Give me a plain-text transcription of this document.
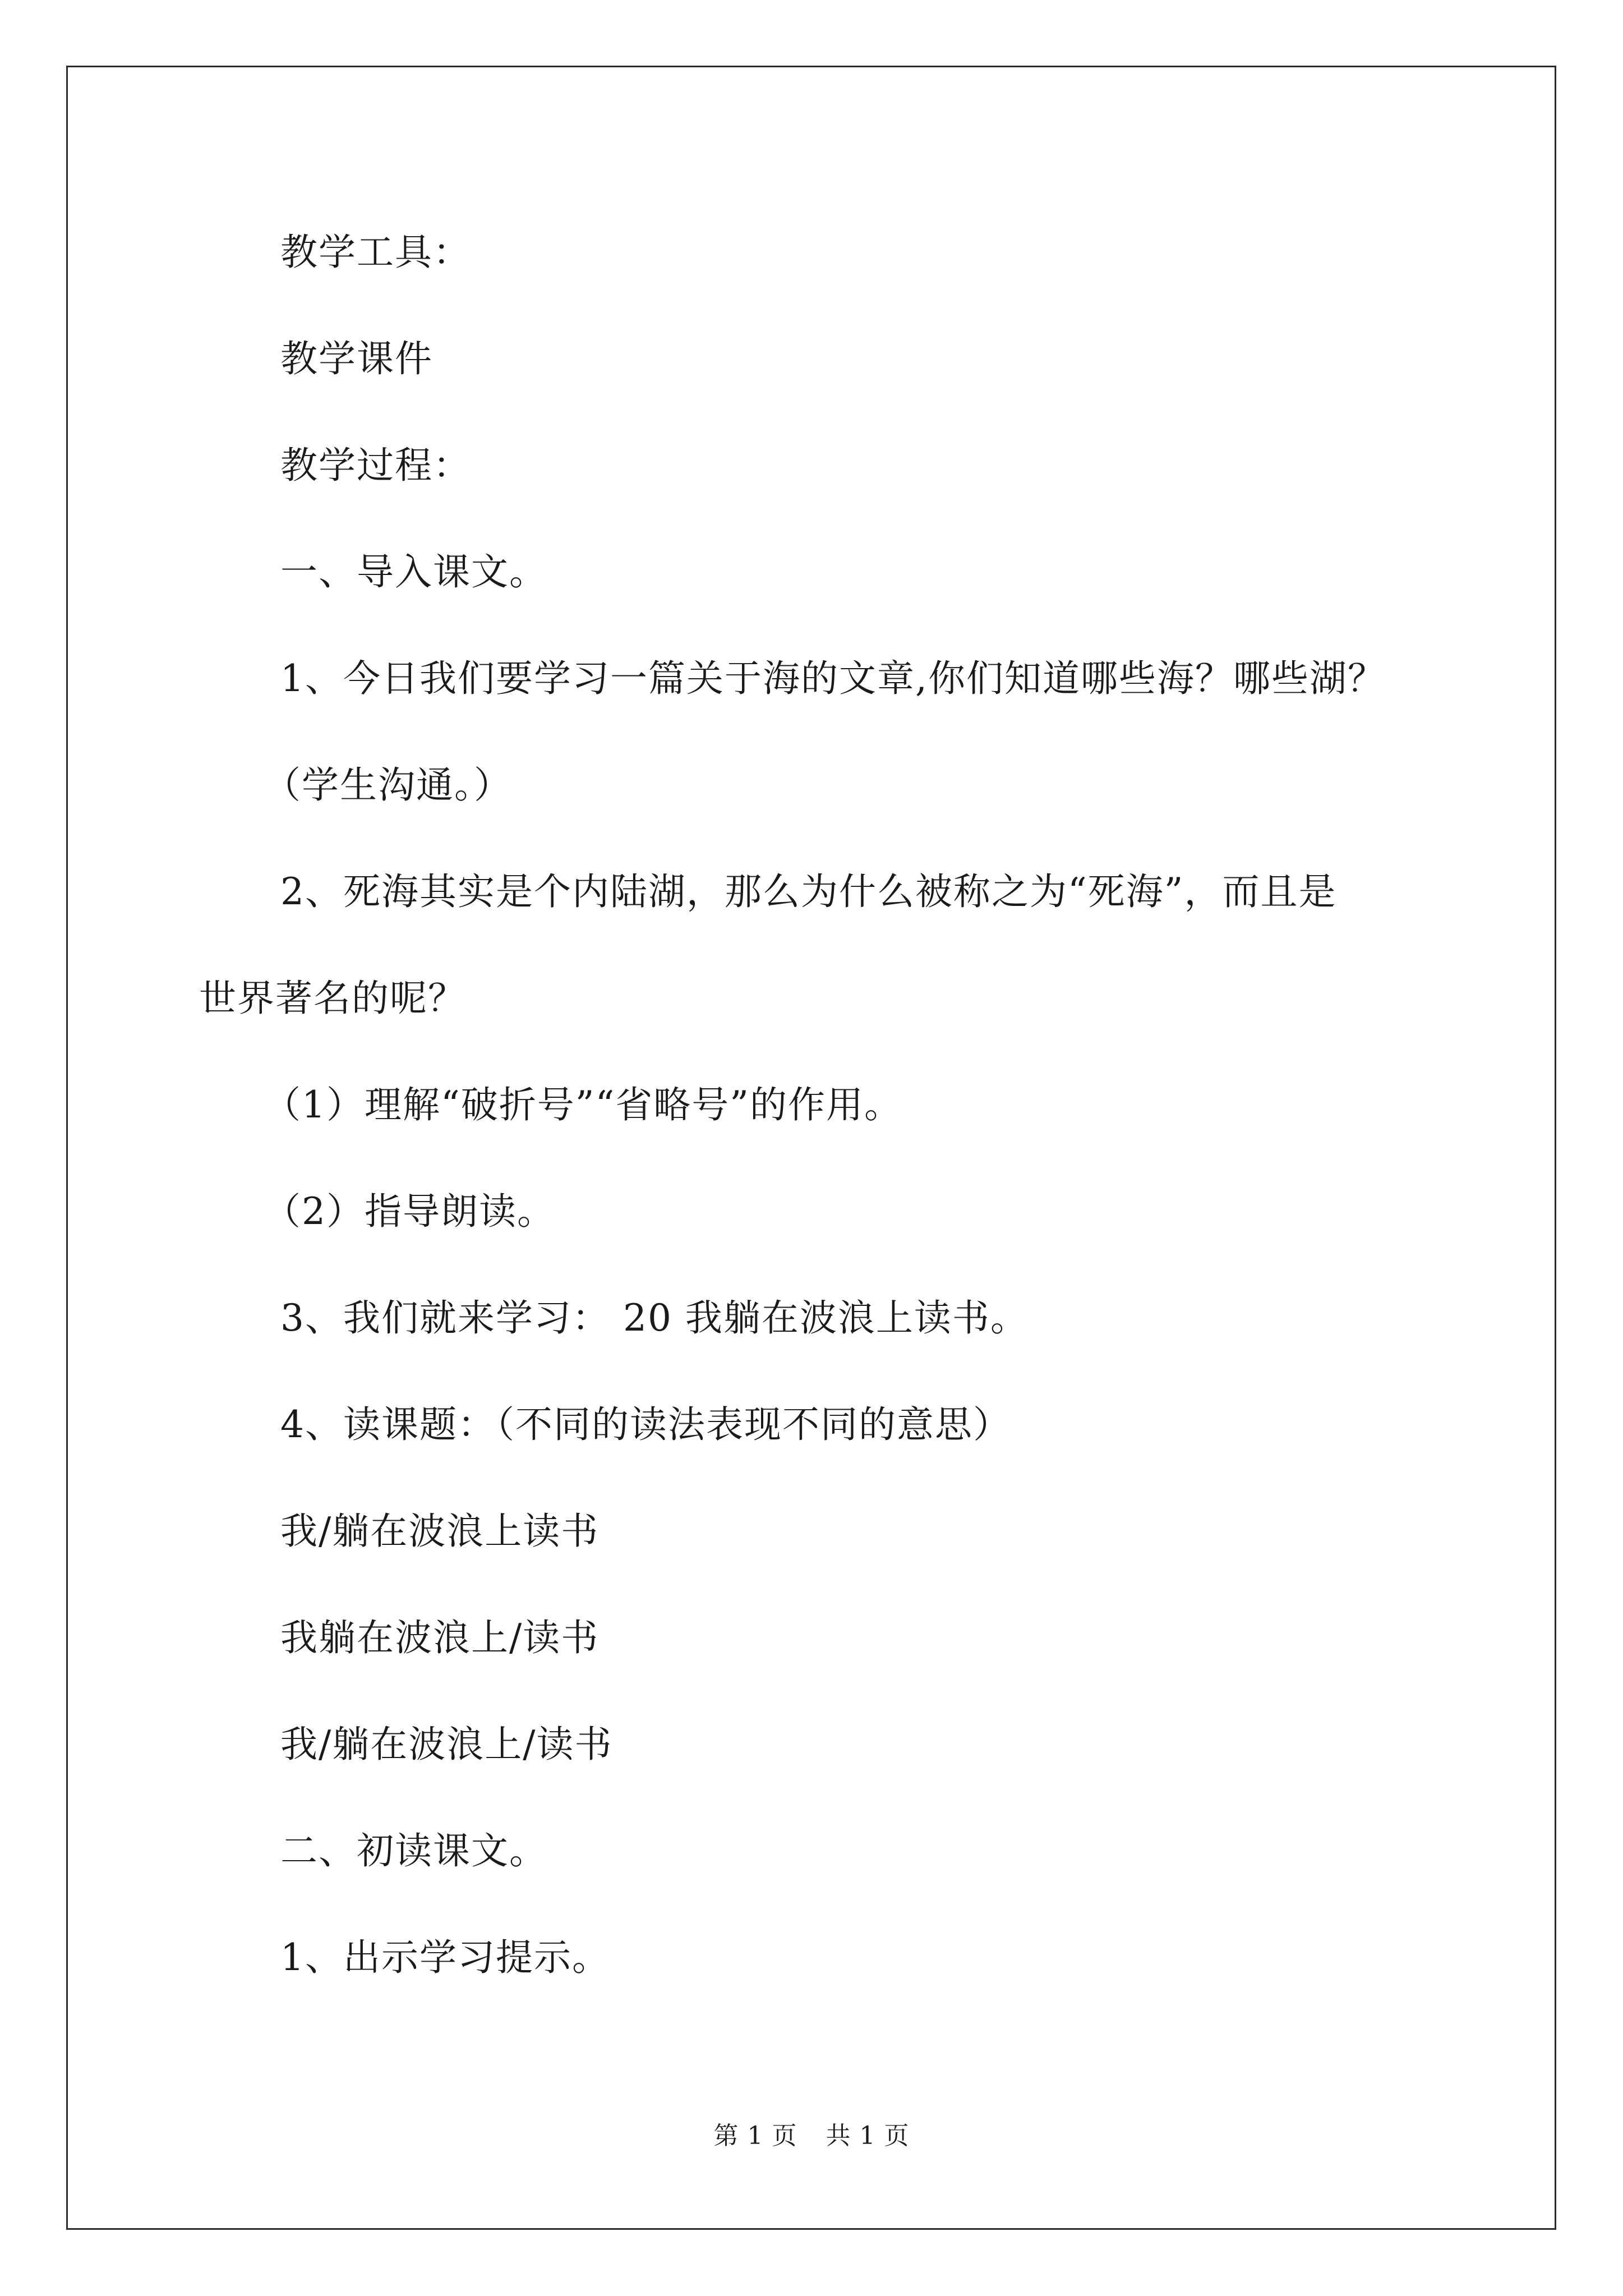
教学工具：
教学课件
教学过程：
一、导入课文。
1、今日我们要学习一篇关于海的文章,你们知道哪些海？哪些湖？
（学生沟通。）
2、死海其实是个内陆湖，那么为什么被称之为“死海”，而且是
世界著名的呢？
（1）理解“破折号”“省略号”的作用。
（2）指导朗读。
3、我们就来学习： 20 我躺在波浪上读书。
4、读课题：（不同的读法表现不同的意思）
我/躺在波浪上读书
我躺在波浪上/读书
我/躺在波浪上/读书
二、初读课文。
1、出示学习提示。
第 1 页 共 1 页
